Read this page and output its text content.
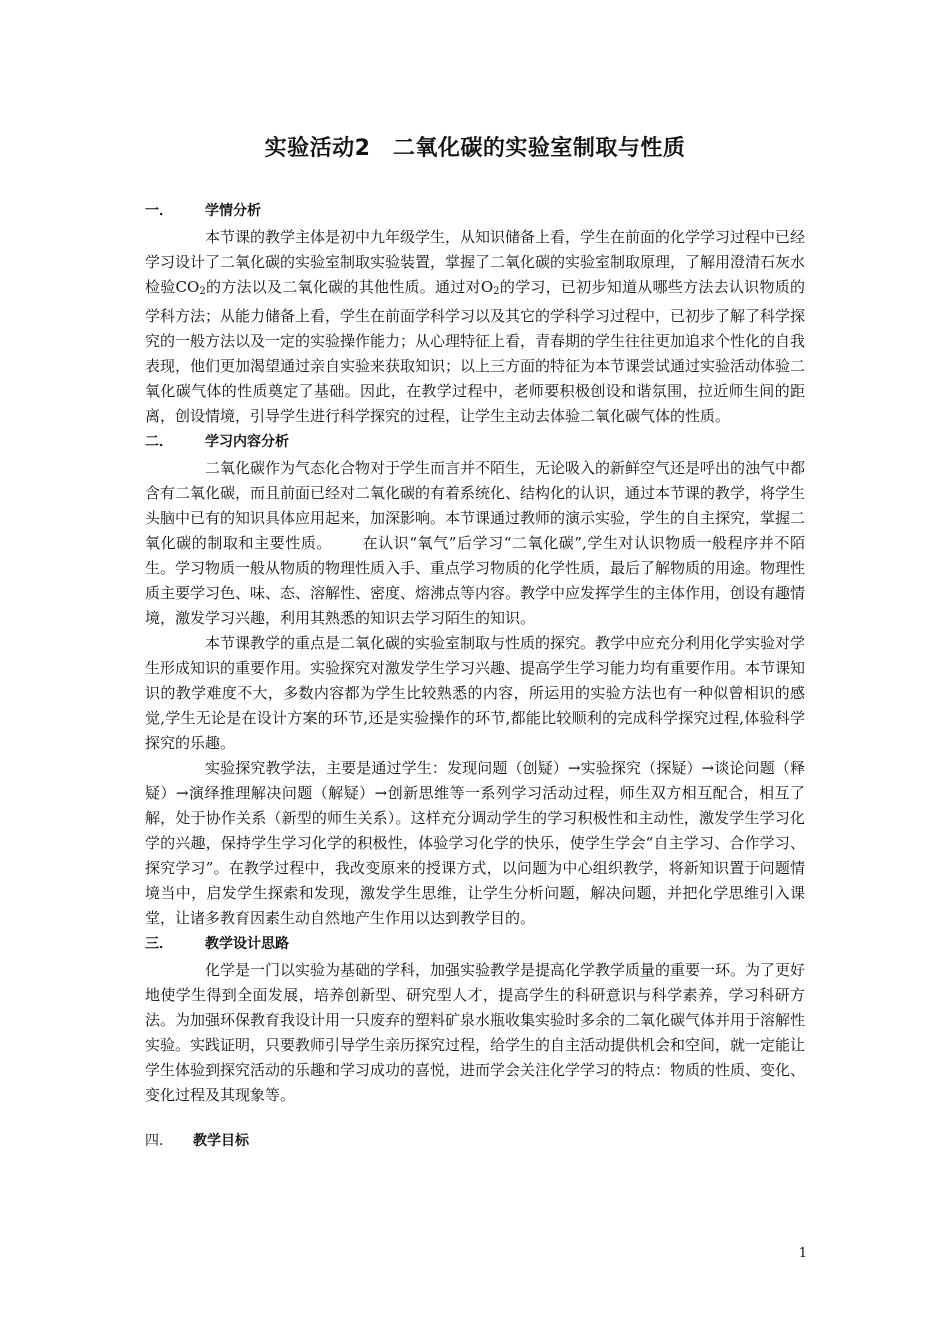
实验活动2　二氧化碳的实验室制取与性质
一． 学情分析

本节课的教学主体是初中九年级学生，从知识储备上看，学生在前面的化学学习过程中已经学习设计了二氧化碳的实验室制取实验装置，掌握了二氧化碳的实验室制取原理，了解用澄清石灰水检验$CO_2$的方法以及二氧化碳的其他性质。通过对$O_2$的学习，已初步知道从哪些方法去认识物质的学科方法；从能力储备上看，学生在前面学科学习以及其它的学科学习过程中，已初步了解了科学探究的一般方法以及一定的实验操作能力；从心理特征上看，青春期的学生往往更加追求个性化的自我表现，他们更加渴望通过亲自实验来获取知识；以上三方面的特征为本节课尝试通过实验活动体验二氧化碳气体的性质奠定了基础。因此，在教学过程中，老师要积极创设和谐氛围，拉近师生间的距离，创设情境，引导学生进行科学探究的过程，让学生主动去体验二氧化碳气体的性质。

二． 学习内容分析

二氧化碳作为气态化合物对于学生而言并不陌生，无论吸入的新鲜空气还是呼出的浊气中都含有二氧化碳，而且前面已经对二氧化碳的有着系统化、结构化的认识，通过本节课的教学，将学生头脑中已有的知识具体应用起来，加深影响。本节课通过教师的演示实验，学生的自主探究，掌握二氧化碳的制取和主要性质。 在认识“氧气”后学习“二氧化碳”,学生对认识物质一般程序并不陌生。学习物质一般从物质的物理性质入手、重点学习物质的化学性质，最后了解物质的用途。物理性质主要学习色、味、态、溶解性、密度、熔沸点等内容。教学中应发挥学生的主体作用，创设有趣情境，激发学习兴趣，利用其熟悉的知识去学习陌生的知识。

本节课教学的重点是二氧化碳的实验室制取与性质的探究。教学中应充分利用化学实验对学生形成知识的重要作用。实验探究对激发学生学习兴趣、提高学生学习能力均有重要作用。本节课知识的教学难度不大，多数内容都为学生比较熟悉的内容，所运用的实验方法也有一种似曾相识的感觉,学生无论是在设计方案的环节,还是实验操作的环节,都能比较顺利的完成科学探究过程,体验科学探究的乐趣。

实验探究教学法，主要是通过学生：发现问题（创疑）→实验探究（探疑）→谈论问题（释疑）→演绎推理解决问题（解疑）→创新思维等一系列学习活动过程，师生双方相互配合，相互了解，处于协作关系（新型的师生关系）。这样充分调动学生的学习积极性和主动性，激发学生学习化学的兴趣，保持学生学习化学的积极性，体验学习化学的快乐，使学生学会“自主学习、合作学习、探究学习”。在教学过程中，我改变原来的授课方式，以问题为中心组织教学，将新知识置于问题情境当中，启发学生探索和发现，激发学生思维，让学生分析问题，解决问题，并把化学思维引入课堂，让诸多教育因素生动自然地产生作用以达到教学目的。

三． 教学设计思路

化学是一门以实验为基础的学科，加强实验教学是提高化学教学质量的重要一环。为了更好地使学生得到全面发展，培养创新型、研究型人才，提高学生的科研意识与科学素养，学习科研方法。为加强环保教育我设计用一只废弃的塑料矿泉水瓶收集实验时多余的二氧化碳气体并用于溶解性实验。实践证明，只要教师引导学生亲历探究过程，给学生的自主活动提供机会和空间，就一定能让学生体验到探究活动的乐趣和学习成功的喜悦，进而学会关注化学学习的特点：物质的性质、变化、变化过程及其现象等。

四． 教学目标
1
